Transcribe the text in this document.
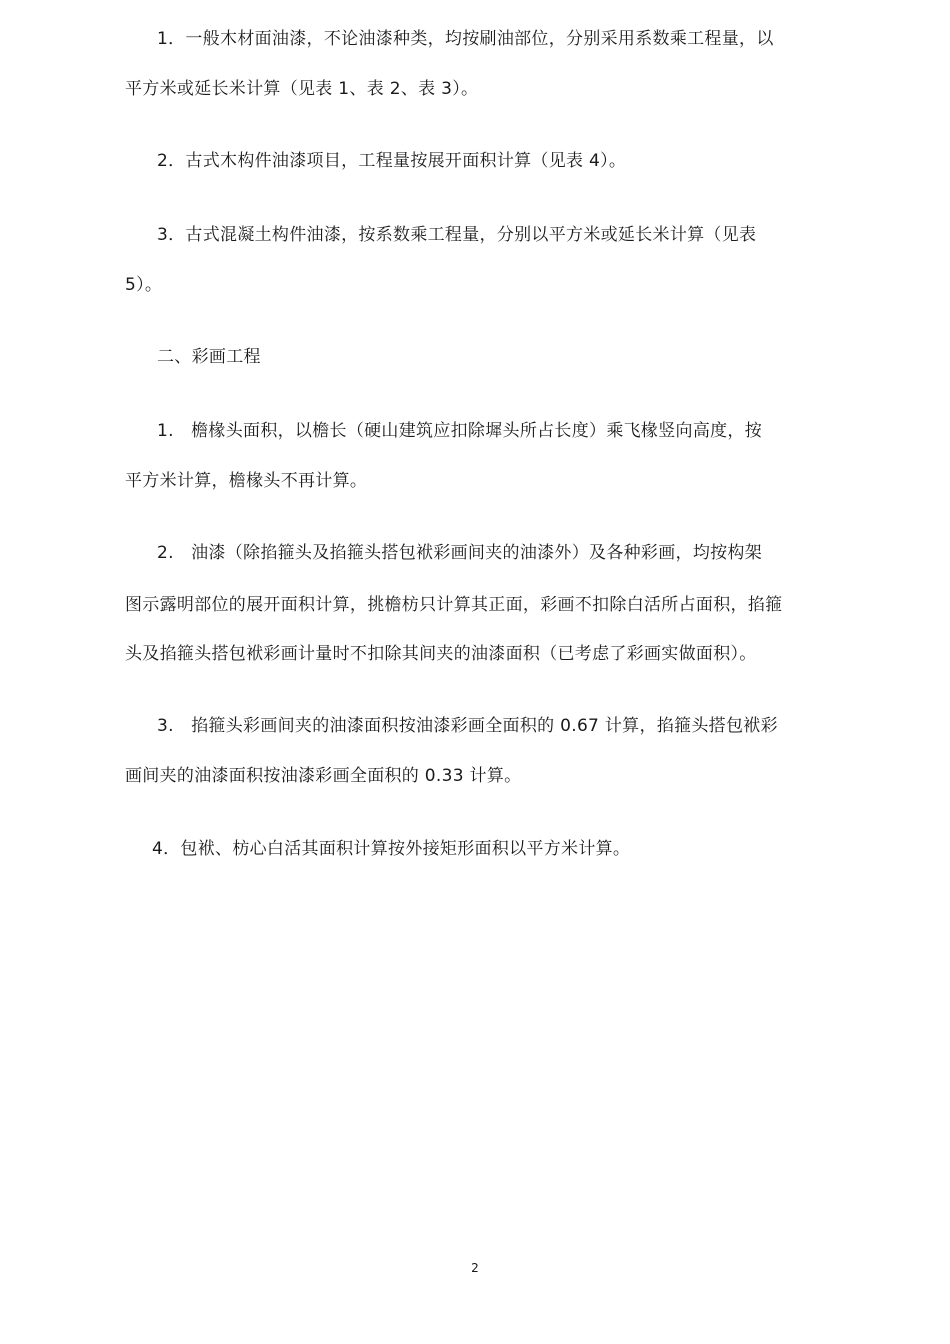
1．一般木材面油漆，不论油漆种类，均按刷油部位，分别采用系数乘工程量，以
平方米或延长米计算（见表 1、表 2、表 3）。
2．古式木构件油漆项目，工程量按展开面积计算（见表 4）。
3．古式混凝土构件油漆，按系数乘工程量，分别以平方米或延长米计算（见表
5）。
二、彩画工程
1.　檐椽头面积，以檐长（硬山建筑应扣除墀头所占长度）乘飞椽竖向高度，按
平方米计算，檐椽头不再计算。
2.　油漆（除掐箍头及掐箍头搭包袱彩画间夹的油漆外）及各种彩画，均按构架
图示露明部位的展开面积计算，挑檐枋只计算其正面，彩画不扣除白活所占面积，掐箍
头及掐箍头搭包袱彩画计量时不扣除其间夹的油漆面积（已考虑了彩画实做面积）。
3.　掐箍头彩画间夹的油漆面积按油漆彩画全面积的 0.67 计算，掐箍头搭包袱彩
画间夹的油漆面积按油漆彩画全面积的 0.33 计算。
4．包袱、枋心白活其面积计算按外接矩形面积以平方米计算。
2
